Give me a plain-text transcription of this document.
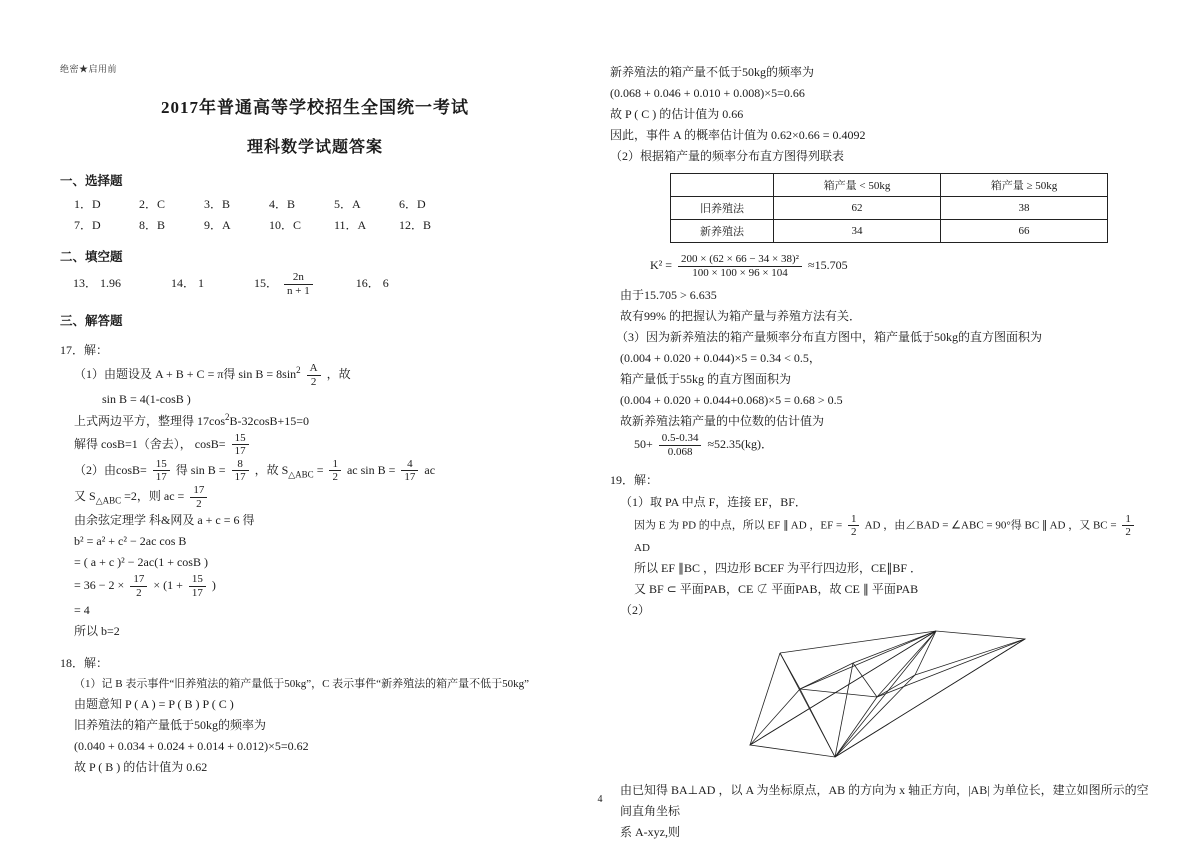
绝密★启用前
2017年普通高等学校招生全国统一考试
理科数学试题答案
一、选择题
1．D	2．C	3．B	4．B	5．A	6．D
7．D	8．B	9．A	10．C	11．A	12．B
二、填空题
13． 1.96	14． 1	15． $\frac{2n}{n + 1}$	16． 6
三、解答题
17．解：
（1）由题设及 A + B + C = π得 $\sin B = 8\sin^2 \frac{A}{2}$ ，故
sin B = 4(1-cosB )
上式两边平方，整理得 $17\cos^2B-32\cos B+15=0$
解得 cosB=1（舍去）， $\cos B= \frac{15}{17}$
（2）由$\cos B= \frac{15}{17}$ 得 $\sin B = \frac{8}{17}$ ，故 $S_{\triangle ABC} = \frac{1}{2}$ ac $\sin B = \frac{4}{17}$ ac
又 $S_{\triangle ABC} =2$，则 ac = $\frac{17}{2}$
由余弦定理学 科&网及 a + c = 6 得
b² = a² + c² − 2ac cos B
= ( a + c )² − 2ac(1 + cosB )
= $36 - 2 \times \frac{17}{2} \times (1 + \frac{15}{17}$ )
= 4
所以 b=2
18．解：
（1）记 B 表示事件“旧养殖法的箱产量低于50kg”，C 表示事件“新养殖法的箱产量不低于50kg”
由题意知 P ( A ) = P ( B ) P ( C )
旧养殖法的箱产量低于50kg的频率为
(0.040 + 0.034 + 0.024 + 0.014 + 0.012)×5=0.62
故 P ( B ) 的估计值为 0.62
新养殖法的箱产量不低于50kg的频率为
(0.068 + 0.046 + 0.010 + 0.008)×5=0.66
故 P ( C ) 的估计值为 0.66
因此，事件 A 的概率估计值为 0.62×0.66 = 0.4092
（2）根据箱产量的频率分布直方图得列联表
	箱产量 < 50kg	箱产量 ≥ 50kg
旧养殖法	62	38
新养殖法	34	66
$K^2 = \frac{\text{200 × (62 × 66 − 34 × 38)²}}{100 \times 100 \times 96 \times 104} \approx 15.705$
由于15.705 > 6.635
故有99% 的把握认为箱产量与养殖方法有关．
（3）因为新养殖法的箱产量频率分布直方图中，箱产量低于50kg的直方图面积为
(0.004 + 0.020 + 0.044)×5 = 0.34 < 0.5，
箱产量低于55kg 的直方图面积为
(0.004 + 0.020 + 0.044+0.068)×5 = 0.68 > 0.5
故新养殖法箱产量的中位数的估计值为
$50+ \frac{0.5-0.34}{0.068} \approx 52.35(kg)$．
19．解：
（1）取 PA 中点 F，连接 EF，BF．
因为 E 为 PD 的中点，所以 EF ∥ AD ，EF = $\frac{1}{2}$ AD ，由∠BAD = ∠ABC = 90°得 BC ∥ AD ，又 BC = $\frac{1}{2}$
AD
所以 EF ∥BC ，四边形 BCEF 为平行四边形，CE∥BF ．
又 BF ⊂ 平面PAB，CE ⊄ 平面PAB，故 CE ∥ 平面PAB
（2）
由已知得 BA⊥AD ，以 A 为坐标原点，AB 的方向为 x 轴正方向，|AB| 为单位长，建立如图所示的空间直角坐标
系 A-xyz,则
4
